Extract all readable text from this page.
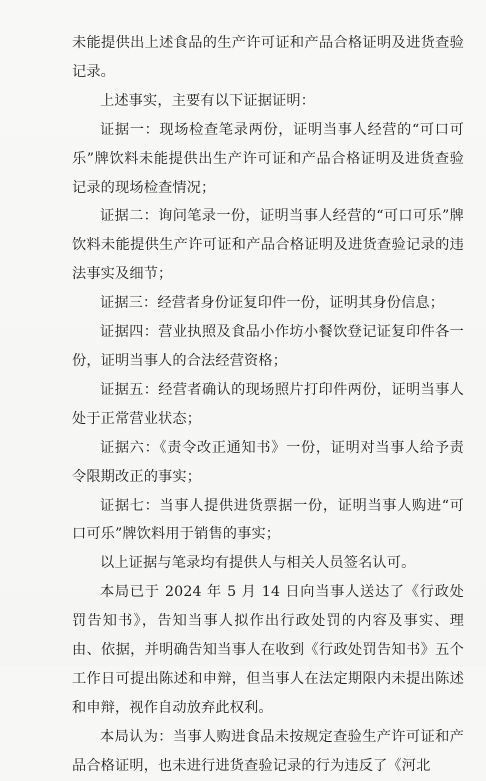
未能提供出上述食品的生产许可证和产品合格证明及进货查验记录。

上述事实，主要有以下证据证明：

证据一：现场检查笔录两份，证明当事人经营的“可口可乐”牌饮料未能提供出生产许可证和产品合格证明及进货查验记录的现场检查情况；

证据二：询问笔录一份，证明当事人经营的“可口可乐”牌饮料未能提供生产许可证和产品合格证明及进货查验记录的违法事实及细节；

证据三：经营者身份证复印件一份，证明其身份信息；

证据四：营业执照及食品小作坊小餐饮登记证复印件各一份，证明当事人的合法经营资格；

证据五：经营者确认的现场照片打印件两份，证明当事人处于正常营业状态；

证据六：《责令改正通知书》一份，证明对当事人给予责令限期改正的事实；

证据七：当事人提供进货票据一份，证明当事人购进“可口可乐”牌饮料用于销售的事实；

以上证据与笔录均有提供人与相关人员签名认可。

本局已于 2024 年 5 月 14 日向当事人送达了《行政处罚告知书》，告知当事人拟作出行政处罚的内容及事实、理由、依据，并明确告知当事人在收到《行政处罚告知书》五个工作日可提出陈述和申辩，但当事人在法定期限内未提出陈述和申辩，视作自动放弃此权利。

本局认为：当事人购进食品未按规定查验生产许可证和产品合格证明，也未进行进货查验记录的行为违反了《河北
